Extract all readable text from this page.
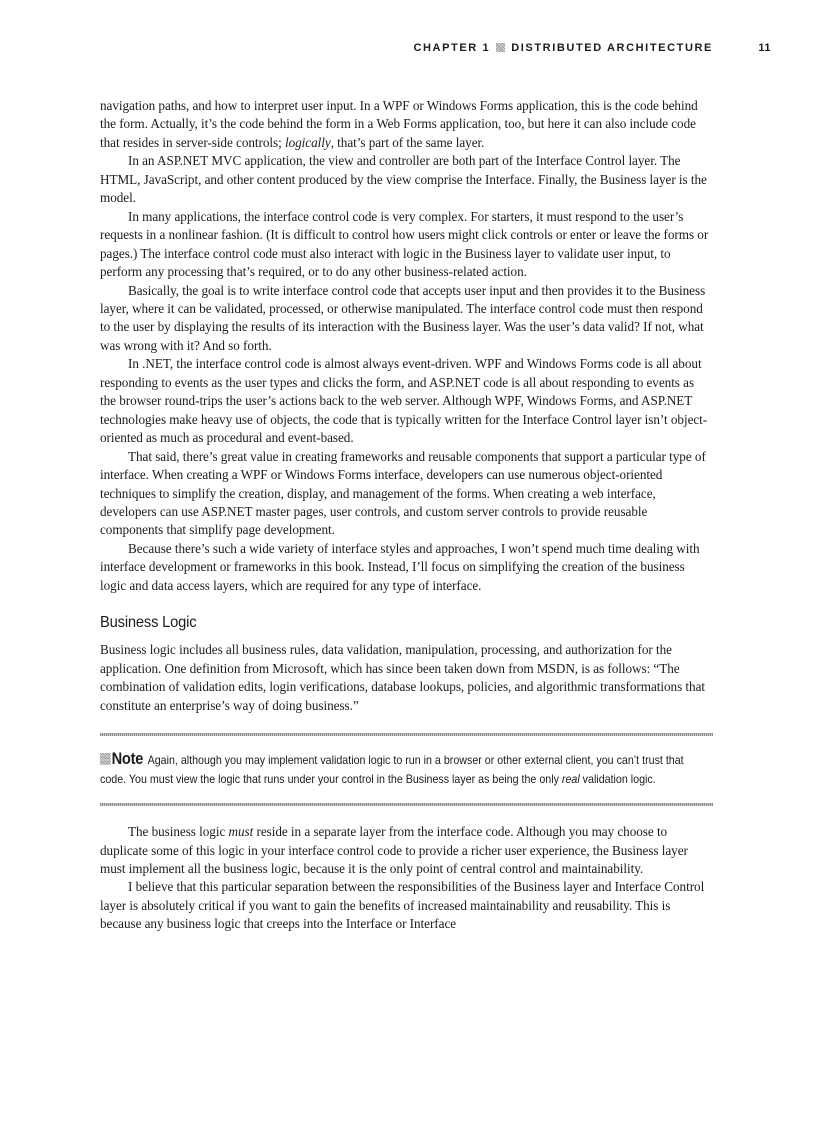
CHAPTER 1 DISTRIBUTED ARCHITECTURE	11

navigation paths, and how to interpret user input. In a WPF or Windows Forms application, this is the code behind the form. Actually, it’s the code behind the form in a Web Forms application, too, but here it can also include code that resides in server-side controls; logically, that’s part of the same layer.

In an ASP.NET MVC application, the view and controller are both part of the Interface Control layer. The HTML, JavaScript, and other content produced by the view comprise the Interface. Finally, the Business layer is the model.

In many applications, the interface control code is very complex. For starters, it must respond to the user’s requests in a nonlinear fashion. (It is difficult to control how users might click controls or enter or leave the forms or pages.) The interface control code must also interact with logic in the Business layer to validate user input, to perform any processing that’s required, or to do any other business-related action.

Basically, the goal is to write interface control code that accepts user input and then provides it to the Business layer, where it can be validated, processed, or otherwise manipulated. The interface control code must then respond to the user by displaying the results of its interaction with the Business layer. Was the user’s data valid? If not, what was wrong with it? And so forth.

In .NET, the interface control code is almost always event-driven. WPF and Windows Forms code is all about responding to events as the user types and clicks the form, and ASP.NET code is all about responding to events as the browser round-trips the user’s actions back to the web server. Although WPF, Windows Forms, and ASP.NET technologies make heavy use of objects, the code that is typically written for the Interface Control layer isn’t object-oriented as much as procedural and event-based.

That said, there’s great value in creating frameworks and reusable components that support a particular type of interface. When creating a WPF or Windows Forms interface, developers can use numerous object-oriented techniques to simplify the creation, display, and management of the forms. When creating a web interface, developers can use ASP.NET master pages, user controls, and custom server controls to provide reusable components that simplify page development.

Because there’s such a wide variety of interface styles and approaches, I won’t spend much time dealing with interface development or frameworks in this book. Instead, I’ll focus on simplifying the creation of the business logic and data access layers, which are required for any type of interface.

Business Logic

Business logic includes all business rules, data validation, manipulation, processing, and authorization for the application. One definition from Microsoft, which has since been taken down from MSDN, is as follows: “The combination of validation edits, login verifications, database lookups, policies, and algorithmic transformations that constitute an enterprise’s way of doing business.”

Note Again, although you may implement validation logic to run in a browser or other external client, you can’t trust that code. You must view the logic that runs under your control in the Business layer as being the only real validation logic.

The business logic must reside in a separate layer from the interface code. Although you may choose to duplicate some of this logic in your interface control code to provide a richer user experience, the Business layer must implement all the business logic, because it is the only point of central control and maintainability.

I believe that this particular separation between the responsibilities of the Business layer and Interface Control layer is absolutely critical if you want to gain the benefits of increased maintainability and reusability. This is because any business logic that creeps into the Interface or Interface
